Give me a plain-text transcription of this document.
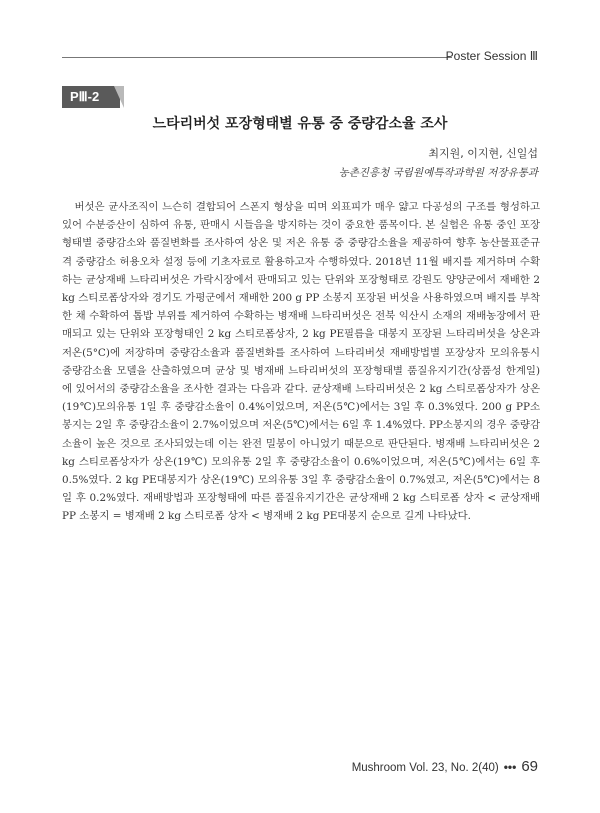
Poster Session Ⅲ
PⅢ-2
느타리버섯 포장형태별 유통 중 중량감소율 조사
최지원, 이지현, 신일섭
농촌진흥청 국립원예특작과학원 저장유통과

버섯은 균사조직이 느슨히 결합되어 스폰지 형상을 띠며 외표피가 매우 얇고 다공성의 구조를 형성하고 있어 수분증산이 심하여 유통, 판매시 시들음을 방지하는 것이 중요한 품목이다. 본 실험은 유통 중인 포장형태별 중량감소와 품질변화를 조사하여 상온 및 저온 유통 중 중량감소율을 제공하여 향후 농산물표준규격 중량감소 허용오차 설정 등에 기초자료로 활용하고자 수행하였다. 2018년 11월 배지를 제거하며 수확하는 균상재배 느타리버섯은 가락시장에서 판매되고 있는 단위와 포장형태로 강원도 양양군에서 재배한 2 kg 스티로폼상자와 경기도 가평군에서 재배한 200 g PP 소봉지 포장된 버섯을 사용하였으며 배지를 부착한 채 수확하여 톱밥 부위를 제거하여 수확하는 병재배 느타리버섯은 전북 익산시 소재의 재배농장에서 판매되고 있는 단위와 포장형태인 2 kg 스티로폼상자, 2 kg PE필름을 대봉지 포장된 느타리버섯을 상온과 저온(5°C)에 저장하며 중량감소율과 품질변화를 조사하여 느타리버섯 재배방법별 포장상자 모의유통시 중량감소율 모델을 산출하였으며 균상 및 병재배 느타리버섯의 포장형태별 품질유지기간(상품성 한계일)에 있어서의 중량감소율을 조사한 결과는 다음과 같다. 균상재배 느타리버섯은 2 kg 스티로폼상자가 상온(19℃)모의유통 1일 후 중량감소율이 0.4%이었으며, 저온(5℃)에서는 3일 후 0.3%였다. 200 g PP소봉지는 2일 후 중량감소율이 2.7%이었으며 저온(5℃)에서는 6일 후 1.4%였다. PP소봉지의 경우 중량감소율이 높은 것으로 조사되었는데 이는 완전 밀봉이 아니었기 때문으로 판단된다. 병재배 느타리버섯은 2 kg 스티로폼상자가 상온(19℃) 모의유통 2일 후 중량감소율이 0.6%이었으며, 저온(5℃)에서는 6일 후 0.5%였다. 2 kg PE대봉지가 상온(19℃) 모의유통 3일 후 중량감소율이 0.7%였고, 저온(5℃)에서는 8일 후 0.2%였다. 재배방법과 포장형태에 따른 품질유지기간은 균상재배 2 kg 스티로폼 상자 < 균상재배 PP 소봉지 = 병재배 2 kg 스티로폼 상자 < 병재배 2 kg PE대봉지 순으로 길게 나타났다.

Mushroom Vol. 23, No. 2(40) ••• 69
